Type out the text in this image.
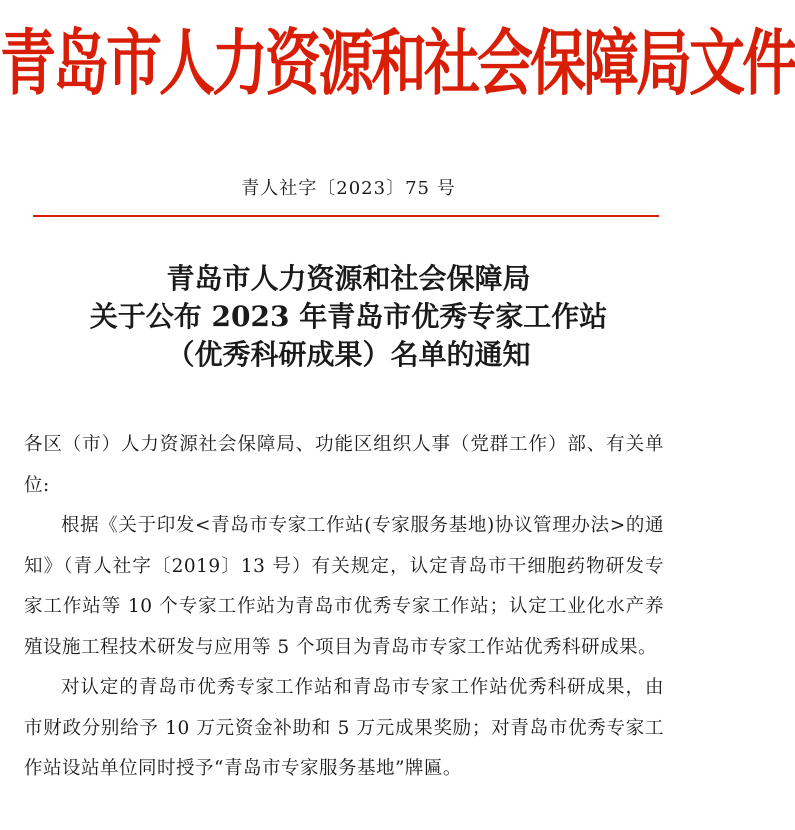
青岛市人力资源和社会保障局文件
青人社字〔2023〕75 号
青岛市人力资源和社会保障局
关于公布 2023 年青岛市优秀专家工作站
（优秀科研成果）名单的通知

各区（市）人力资源社会保障局、功能区组织人事（党群工作）部、有关单位:

根据《关于印发<青岛市专家工作站(专家服务基地)协议管理办法>的通知》（青人社字〔2019〕13 号）有关规定，认定青岛市干细胞药物研发专家工作站等 10 个专家工作站为青岛市优秀专家工作站；认定工业化水产养殖设施工程技术研发与应用等 5 个项目为青岛市专家工作站优秀科研成果。

对认定的青岛市优秀专家工作站和青岛市专家工作站优秀科研成果，由市财政分别给予 10 万元资金补助和 5 万元成果奖励；对青岛市优秀专家工作站设站单位同时授予“青岛市专家服务基地”牌匾。
